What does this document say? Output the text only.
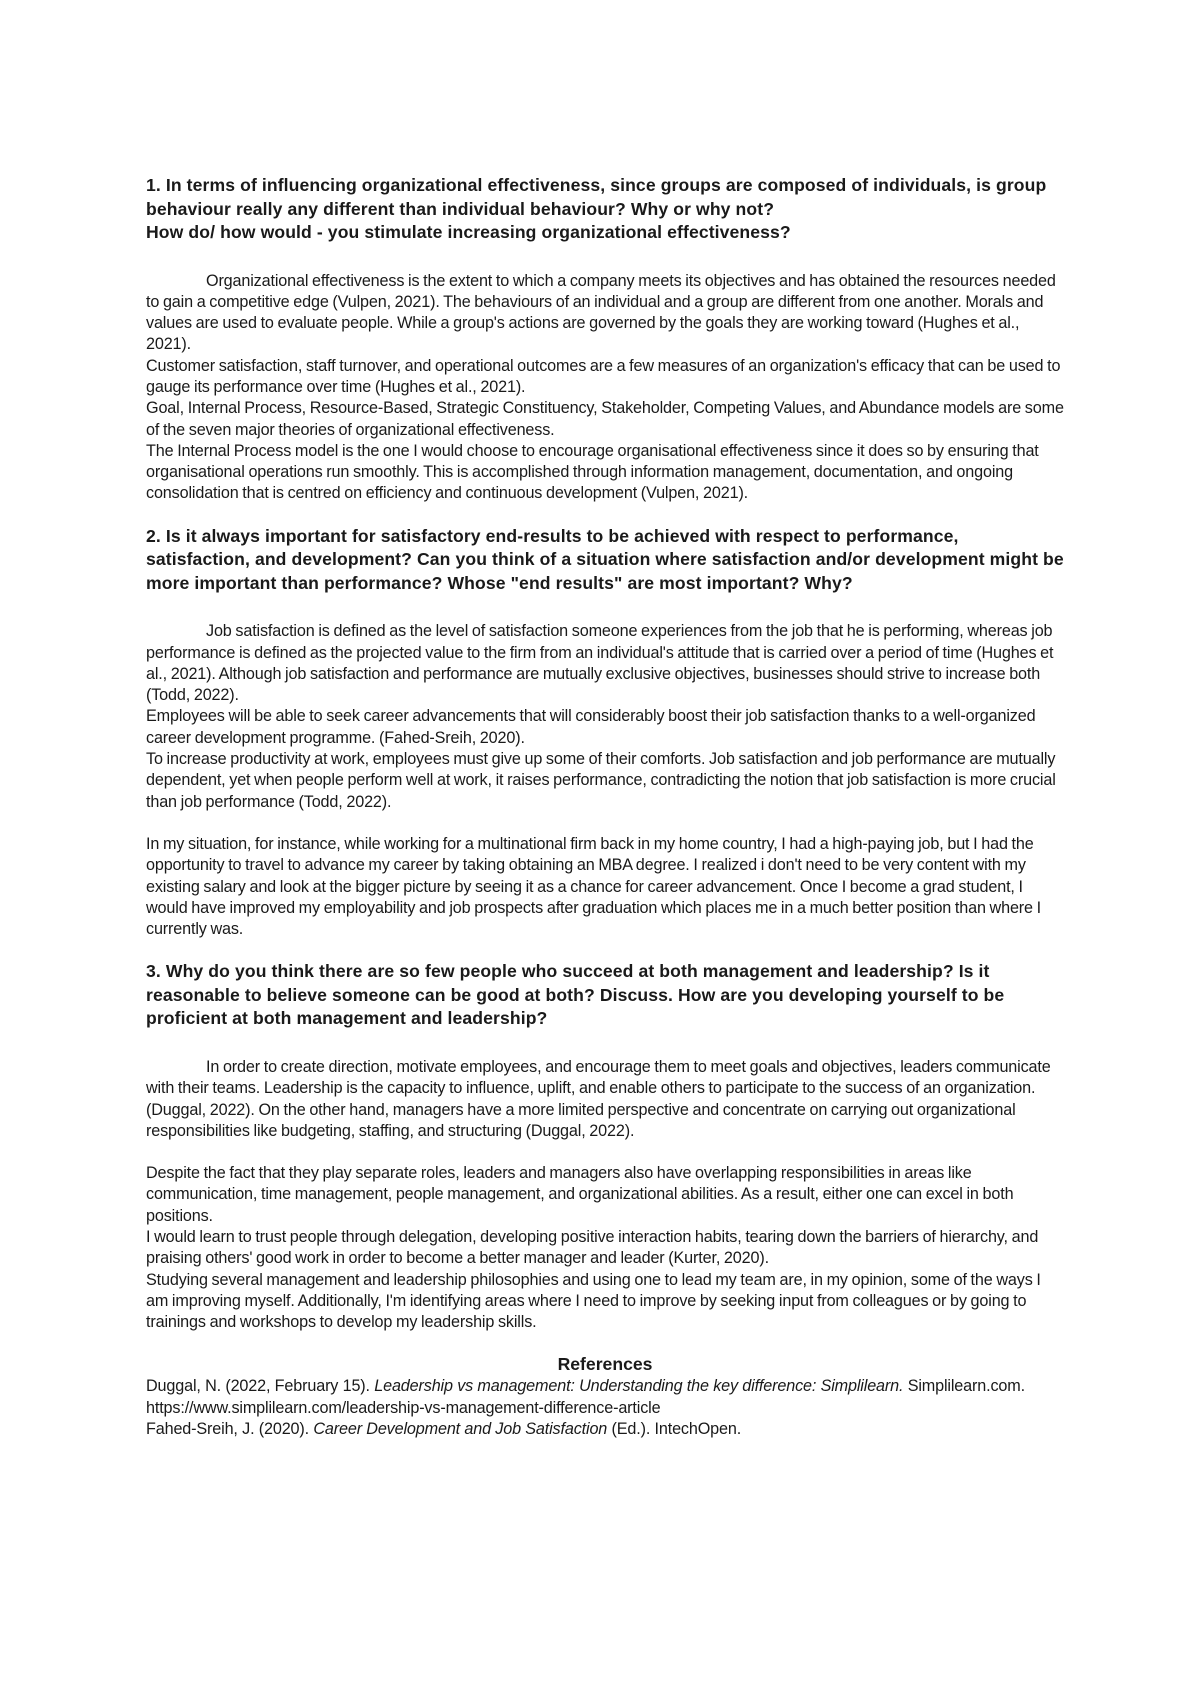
1. In terms of influencing organizational effectiveness, since groups are composed of individuals, is group behaviour really any different than individual behaviour? Why or why not?
How do/ how would - you stimulate increasing organizational effectiveness?

Organizational effectiveness is the extent to which a company meets its objectives and has obtained the resources needed to gain a competitive edge (Vulpen, 2021). The behaviours of an individual and a group are different from one another. Morals and values are used to evaluate people. While a group's actions are governed by the goals they are working toward (Hughes et al., 2021).

Customer satisfaction, staff turnover, and operational outcomes are a few measures of an organization's efficacy that can be used to gauge its performance over time (Hughes et al., 2021).

Goal, Internal Process, Resource-Based, Strategic Constituency, Stakeholder, Competing Values, and Abundance models are some of the seven major theories of organizational effectiveness.

The Internal Process model is the one I would choose to encourage organisational effectiveness since it does so by ensuring that organisational operations run smoothly. This is accomplished through information management, documentation, and ongoing consolidation that is centred on efficiency and continuous development (Vulpen, 2021).

2. Is it always important for satisfactory end-results to be achieved with respect to performance, satisfaction, and development? Can you think of a situation where satisfaction and/or development might be more important than performance? Whose "end results" are most important? Why?

Job satisfaction is defined as the level of satisfaction someone experiences from the job that he is performing, whereas job performance is defined as the projected value to the firm from an individual's attitude that is carried over a period of time (Hughes et al., 2021). Although job satisfaction and performance are mutually exclusive objectives, businesses should strive to increase both (Todd, 2022).

Employees will be able to seek career advancements that will considerably boost their job satisfaction thanks to a well-organized career development programme. (Fahed-Sreih, 2020).

To increase productivity at work, employees must give up some of their comforts. Job satisfaction and job performance are mutually dependent, yet when people perform well at work, it raises performance, contradicting the notion that job satisfaction is more crucial than job performance (Todd, 2022).

In my situation, for instance, while working for a multinational firm back in my home country, I had a high-paying job, but I had the opportunity to travel to advance my career by taking obtaining an MBA degree. I realized i don't need to be very content with my existing salary and look at the bigger picture by seeing it as a chance for career advancement. Once I become a grad student, I would have improved my employability and job prospects after graduation which places me in a much better position than where I currently was.

3. Why do you think there are so few people who succeed at both management and leadership? Is it reasonable to believe someone can be good at both? Discuss. How are you developing yourself to be proficient at both management and leadership?

In order to create direction, motivate employees, and encourage them to meet goals and objectives, leaders communicate with their teams. Leadership is the capacity to influence, uplift, and enable others to participate to the success of an organization. (Duggal, 2022). On the other hand, managers have a more limited perspective and concentrate on carrying out organizational responsibilities like budgeting, staffing, and structuring (Duggal, 2022).

Despite the fact that they play separate roles, leaders and managers also have overlapping responsibilities in areas like communication, time management, people management, and organizational abilities. As a result, either one can excel in both positions.

I would learn to trust people through delegation, developing positive interaction habits, tearing down the barriers of hierarchy, and praising others' good work in order to become a better manager and leader (Kurter, 2020).

Studying several management and leadership philosophies and using one to lead my team are, in my opinion, some of the ways I am improving myself. Additionally, I'm identifying areas where I need to improve by seeking input from colleagues or by going to trainings and workshops to develop my leadership skills.

References

Duggal, N. (2022, February 15). Leadership vs management: Understanding the key difference: Simplilearn. Simplilearn.com. https://www.simplilearn.com/leadership-vs-management-difference-article

Fahed-Sreih, J. (2020). Career Development and Job Satisfaction (Ed.). IntechOpen.
